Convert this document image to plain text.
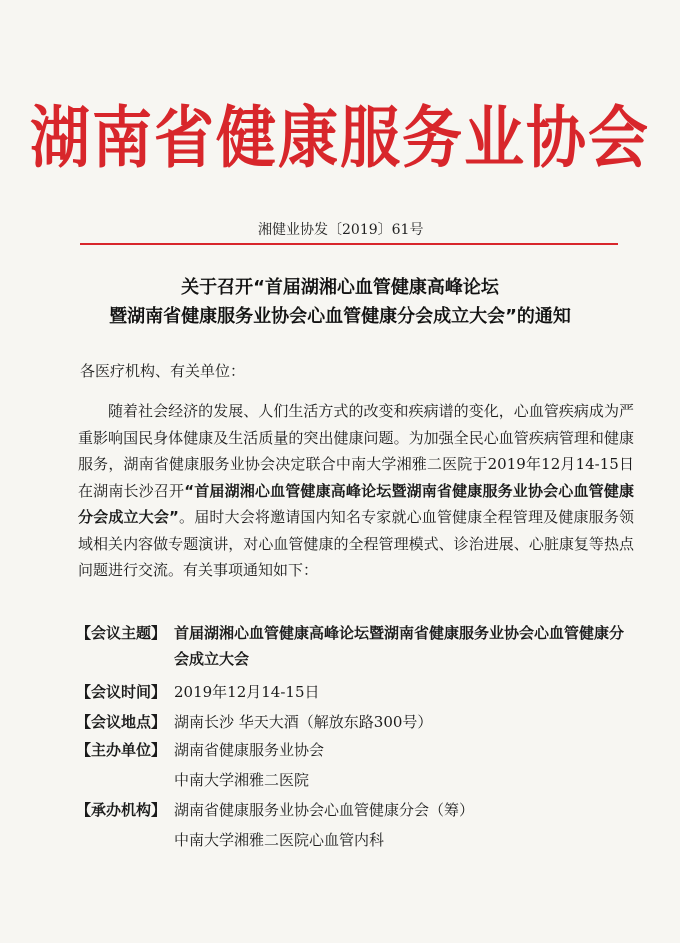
湖南省健康服务业协会
湘健业协发〔2019〕61号
关于召开“首届湖湘心血管健康高峰论坛
暨湖南省健康服务业协会心血管健康分会成立大会”的通知
各医疗机构、有关单位：
随着社会经济的发展、人们生活方式的改变和疾病谱的变化，心血管疾病成为严重影响国民身体健康及生活质量的突出健康问题。为加强全民心血管疾病管理和健康服务，湖南省健康服务业协会决定联合中南大学湘雅二医院于2019年12月14-15日在湖南长沙召开“首届湖湘心血管健康高峰论坛暨湖南省健康服务业协会心血管健康分会成立大会”。届时大会将邀请国内知名专家就心血管健康全程管理及健康服务领域相关内容做专题演讲，对心血管健康的全程管理模式、诊治进展、心脏康复等热点问题进行交流。有关事项通知如下：
【会议主题】 首届湖湘心血管健康高峰论坛暨湖南省健康服务业协会心血管健康分会成立大会
【会议时间】 2019年12月14-15日
【会议地点】 湖南长沙 华天大酒（解放东路300号）
【主办单位】 湖南省健康服务业协会
中南大学湘雅二医院
【承办机构】 湖南省健康服务业协会心血管健康分会（筹）
中南大学湘雅二医院心血管内科
